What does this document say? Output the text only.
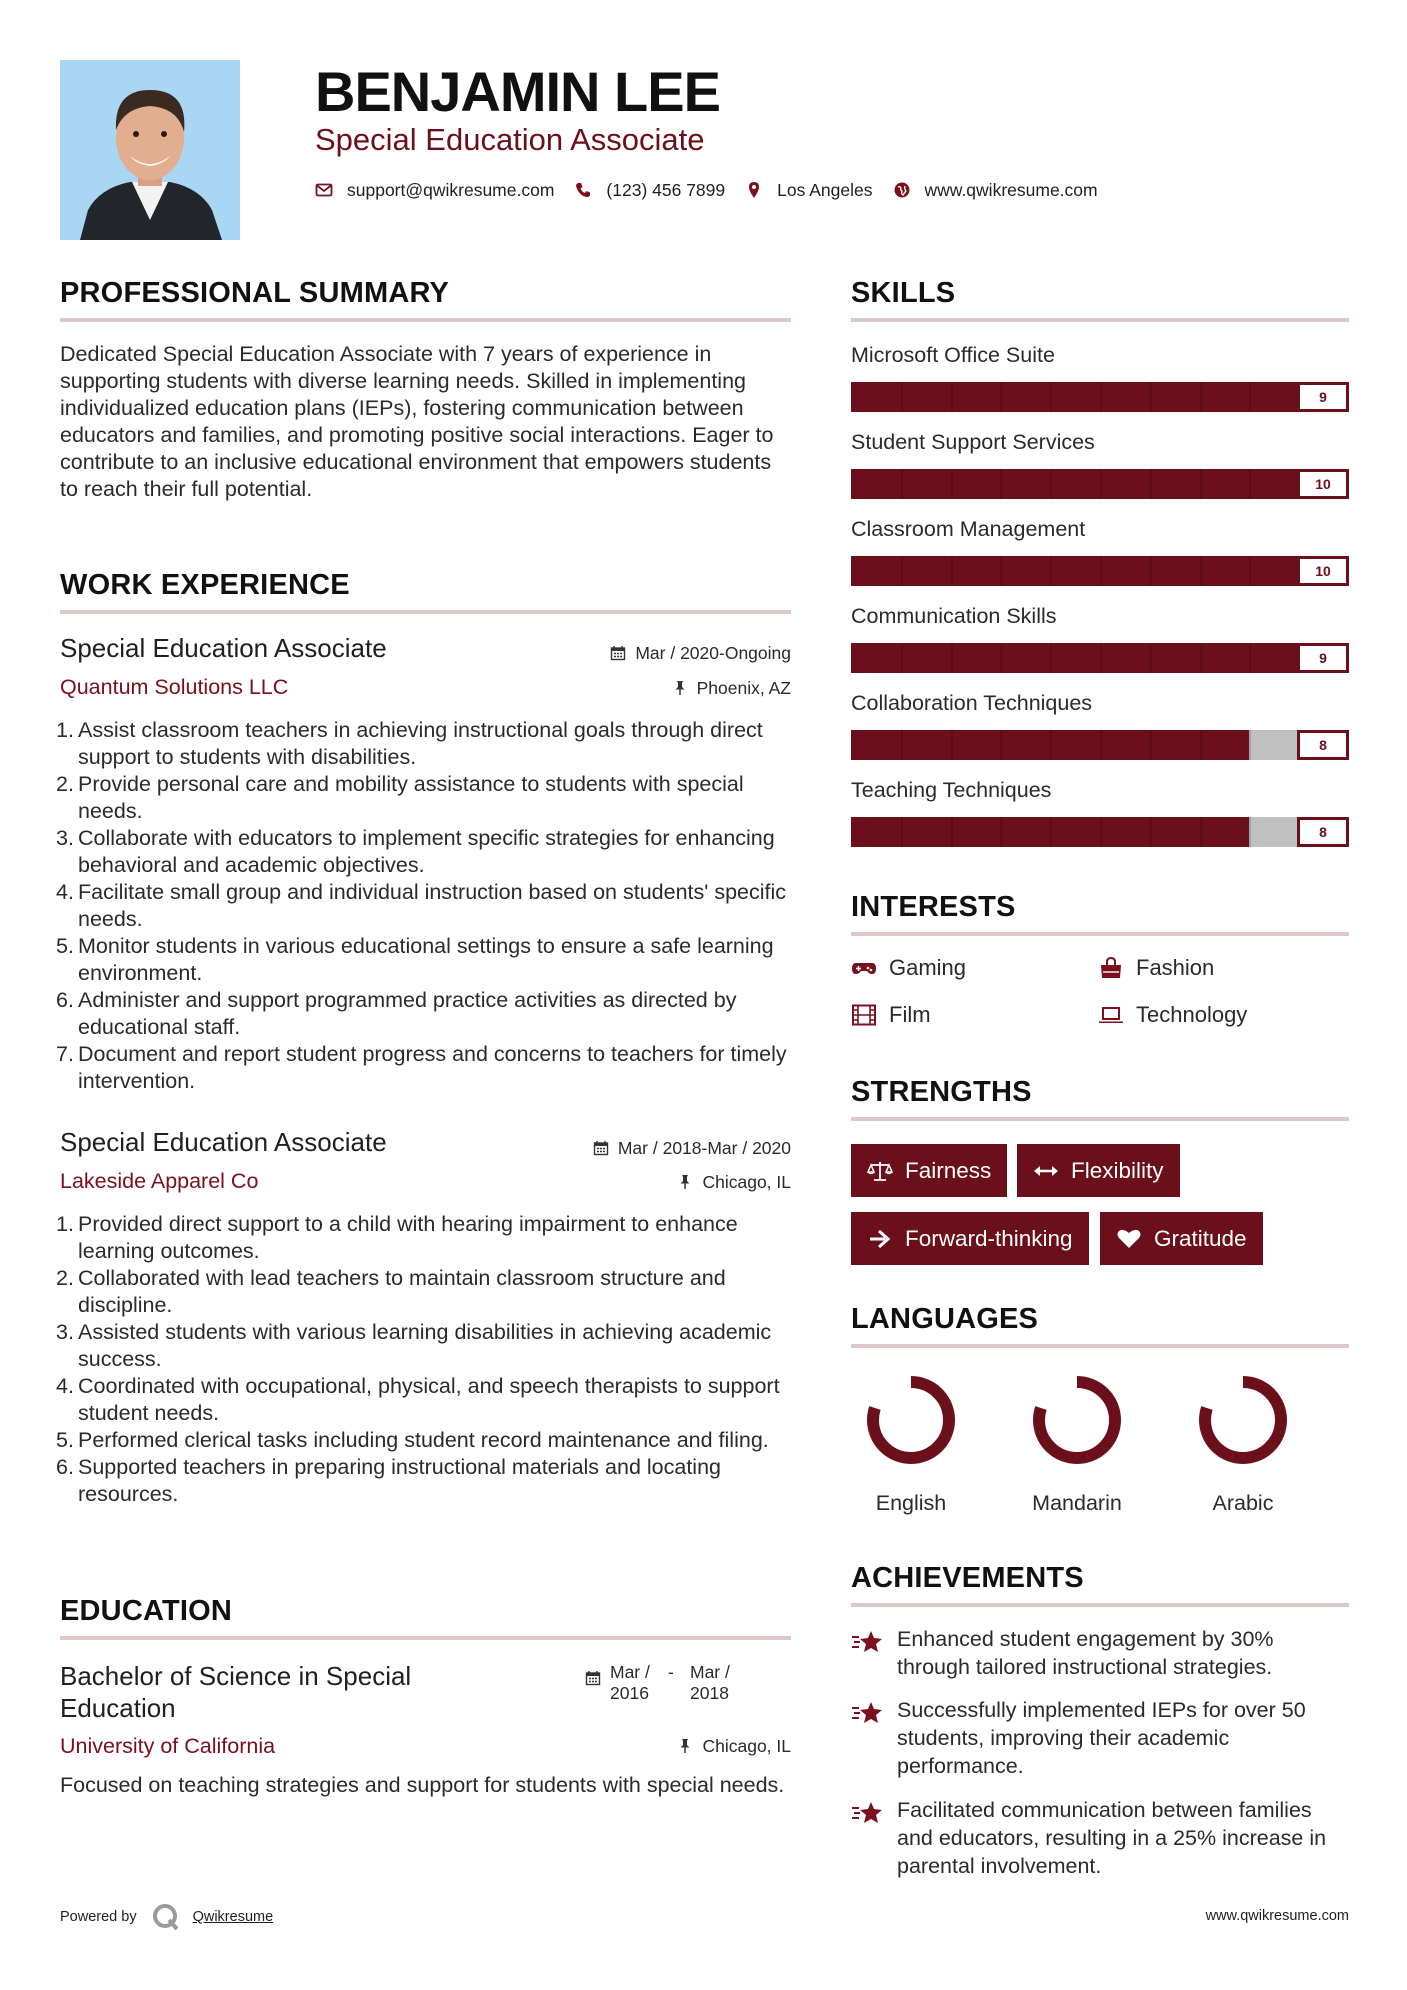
BENJAMIN LEE
Special Education Associate
support@qwikresume.com	(123) 456 7899	Los Angeles	www.qwikresume.com
PROFESSIONAL SUMMARY
Dedicated Special Education Associate with 7 years of experience in supporting students with diverse learning needs. Skilled in implementing individualized education plans (IEPs), fostering communication between educators and families, and promoting positive social interactions. Eager to contribute to an inclusive educational environment that empowers students to reach their full potential.
WORK EXPERIENCE
Special Education Associate	Mar / 2020-Ongoing
Quantum Solutions LLC	Phoenix, AZ
1. Assist classroom teachers in achieving instructional goals through direct support to students with disabilities.
2. Provide personal care and mobility assistance to students with special needs.
3. Collaborate with educators to implement specific strategies for enhancing behavioral and academic objectives.
4. Facilitate small group and individual instruction based on students' specific needs.
5. Monitor students in various educational settings to ensure a safe learning environment.
6. Administer and support programmed practice activities as directed by educational staff.
7. Document and report student progress and concerns to teachers for timely intervention.
Special Education Associate	Mar / 2018-Mar / 2020
Lakeside Apparel Co	Chicago, IL
1. Provided direct support to a child with hearing impairment to enhance learning outcomes.
2. Collaborated with lead teachers to maintain classroom structure and discipline.
3. Assisted students with various learning disabilities in achieving academic success.
4. Coordinated with occupational, physical, and speech therapists to support student needs.
5. Performed clerical tasks including student record maintenance and filing.
6. Supported teachers in preparing instructional materials and locating resources.
EDUCATION
Bachelor of Science in Special Education
Mar / 2016
- Mar / 2018
University of California	Chicago, IL
Focused on teaching strategies and support for students with special needs.
SKILLS
Microsoft Office Suite
9
Student Support Services
10
Classroom Management
10
Communication Skills
9
Collaboration Techniques
8
Teaching Techniques
8
INTERESTS
Gaming	Fashion
Film	Technology
STRENGTHS
Fairness	Flexibility
Forward-thinking	Gratitude
LANGUAGES
English	Mandarin	Arabic
ACHIEVEMENTS
Enhanced student engagement by 30% through tailored instructional strategies.
Successfully implemented IEPs for over 50 students, improving their academic performance.
Facilitated communication between families and educators, resulting in a 25% increase in parental involvement.
Powered by	Qwikresume	www.qwikresume.com
